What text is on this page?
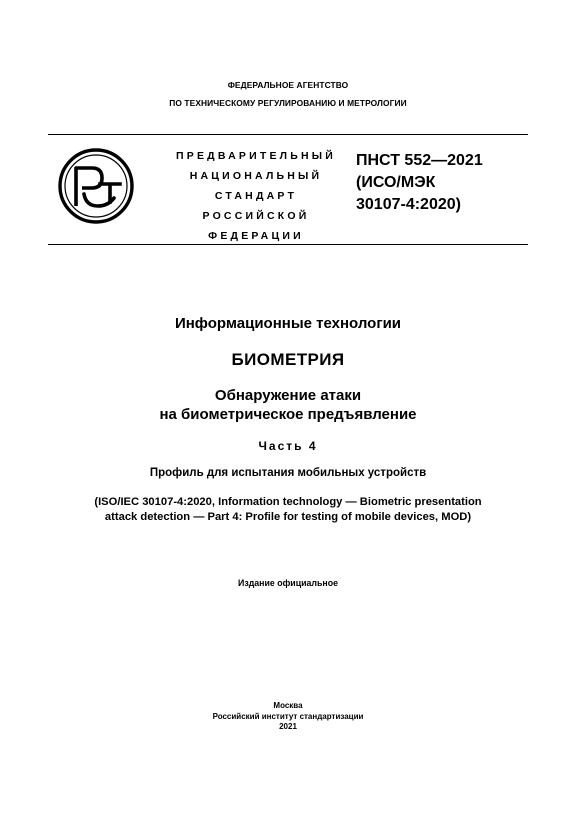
ФЕДЕРАЛЬНОЕ АГЕНТСТВО
ПО ТЕХНИЧЕСКОМУ РЕГУЛИРОВАНИЮ И МЕТРОЛОГИИ
ПРЕДВАРИТЕЛЬНЫЙ
НАЦИОНАЛЬНЫЙ
СТАНДАРТ
РОССИЙСКОЙ
ФЕДЕРАЦИИ
ПНСТ 552—2021
(ИСО/МЭК
30107-4:2020)
Информационные технологии
БИОМЕТРИЯ
Обнаружение атаки
на биометрическое предъявление
Часть 4
Профиль для испытания мобильных устройств
(ISO/IEC 30107-4:2020, Information technology — Biometric presentation
attack detection — Part 4: Profile for testing of mobile devices, MOD)
Издание официальное
Москва
Российский институт стандартизации
2021
